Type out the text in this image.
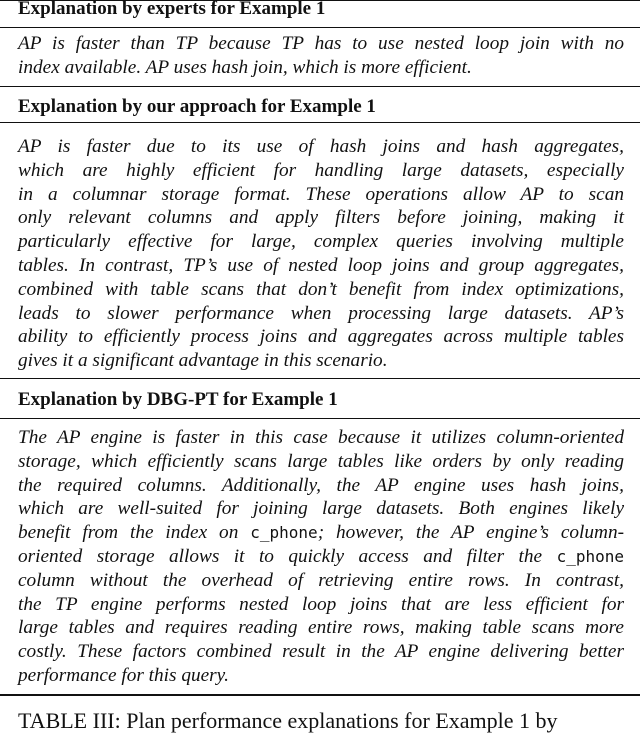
Explanation by experts for Example 1
AP is faster than TP because TP has to use nested loop join with no
index available. AP uses hash join, which is more efficient.
Explanation by our approach for Example 1
AP is faster due to its use of hash joins and hash aggregates,
which are highly efficient for handling large datasets, especially
in a columnar storage format. These operations allow AP to scan
only relevant columns and apply filters before joining, making it
particularly effective for large, complex queries involving multiple
tables. In contrast, TP’s use of nested loop joins and group aggregates,
combined with table scans that don’t benefit from index optimizations,
leads to slower performance when processing large datasets. AP’s
ability to efficiently process joins and aggregates across multiple tables
gives it a significant advantage in this scenario.
Explanation by DBG-PT for Example 1
The AP engine is faster in this case because it utilizes column-oriented
storage, which efficiently scans large tables like orders by only reading
the required columns. Additionally, the AP engine uses hash joins,
which are well-suited for joining large datasets. Both engines likely
benefit from the index on c_phone; however, the AP engine’s column-
oriented storage allows it to quickly access and filter the c_phone
column without the overhead of retrieving entire rows. In contrast,
the TP engine performs nested loop joins that are less efficient for
large tables and requires reading entire rows, making table scans more
costly. These factors combined result in the AP engine delivering better
performance for this query.
TABLE III: Plan performance explanations for Example 1 by
